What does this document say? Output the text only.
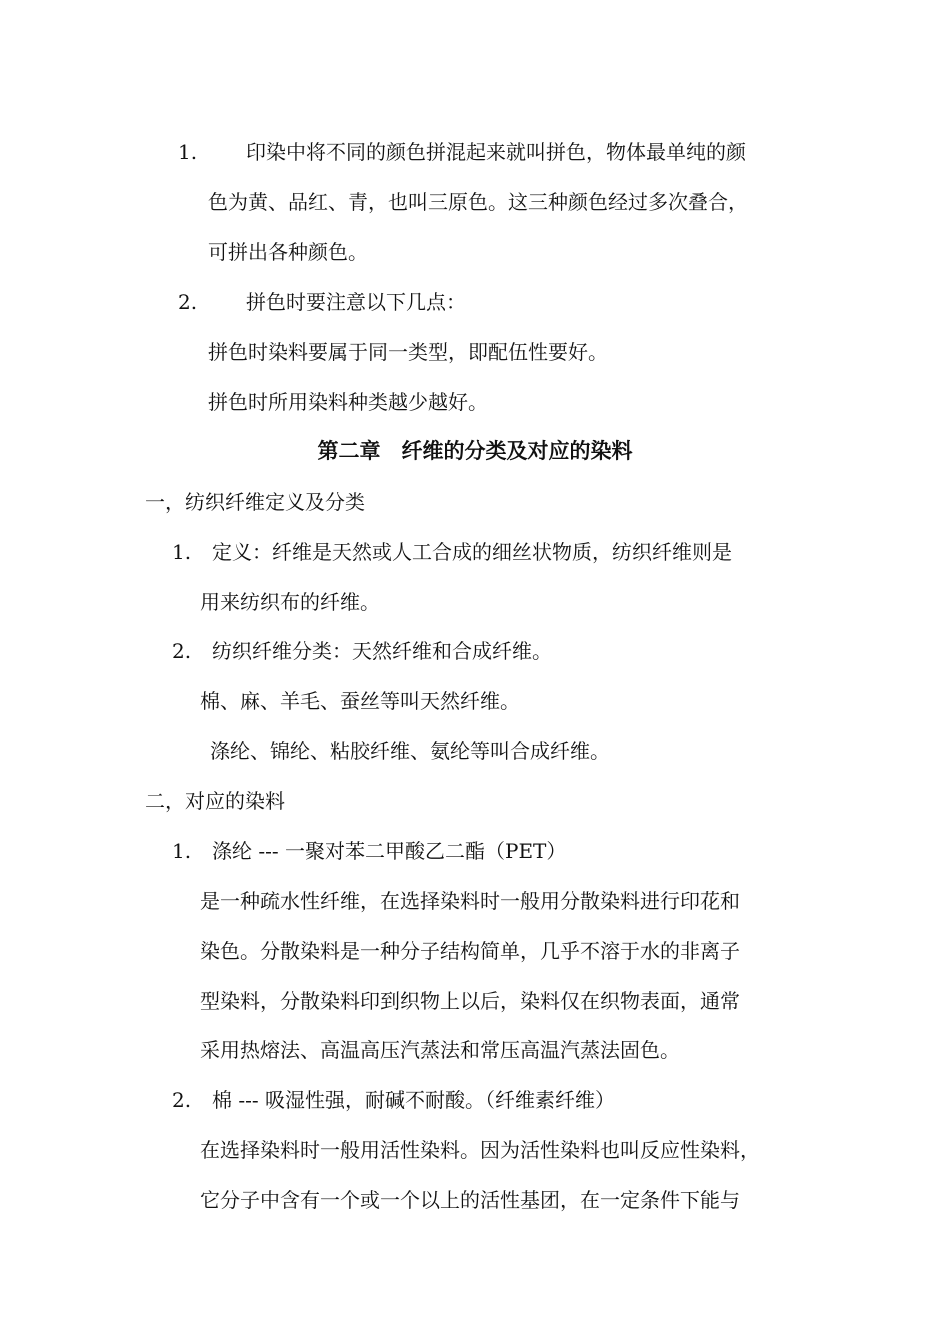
1. 印染中将不同的颜色拼混起来就叫拼色，物体最单纯的颜

色为黄、品红、青，也叫三原色。这三种颜色经过多次叠合，

可拼出各种颜色。

2. 拼色时要注意以下几点：

拼色时染料要属于同一类型，即配伍性要好。

拼色时所用染料种类越少越好。

第二章　纤维的分类及对应的染料

一，纺织纤维定义及分类

1. 定义：纤维是天然或人工合成的细丝状物质，纺织纤维则是

用来纺织布的纤维。

2. 纺织纤维分类：天然纤维和合成纤维。

棉、麻、羊毛、蚕丝等叫天然纤维。

涤纶、锦纶、粘胶纤维、氨纶等叫合成纤维。

二，对应的染料

1. 涤纶 --- 一聚对苯二甲酸乙二酯（PET）

是一种疏水性纤维，在选择染料时一般用分散染料进行印花和

染色。分散染料是一种分子结构简单，几乎不溶于水的非离子

型染料，分散染料印到织物上以后，染料仅在织物表面，通常

采用热熔法、高温高压汽蒸法和常压高温汽蒸法固色。

2. 棉 --- 吸湿性强，耐碱不耐酸。（纤维素纤维）

在选择染料时一般用活性染料。因为活性染料也叫反应性染料，

它分子中含有一个或一个以上的活性基团，在一定条件下能与
